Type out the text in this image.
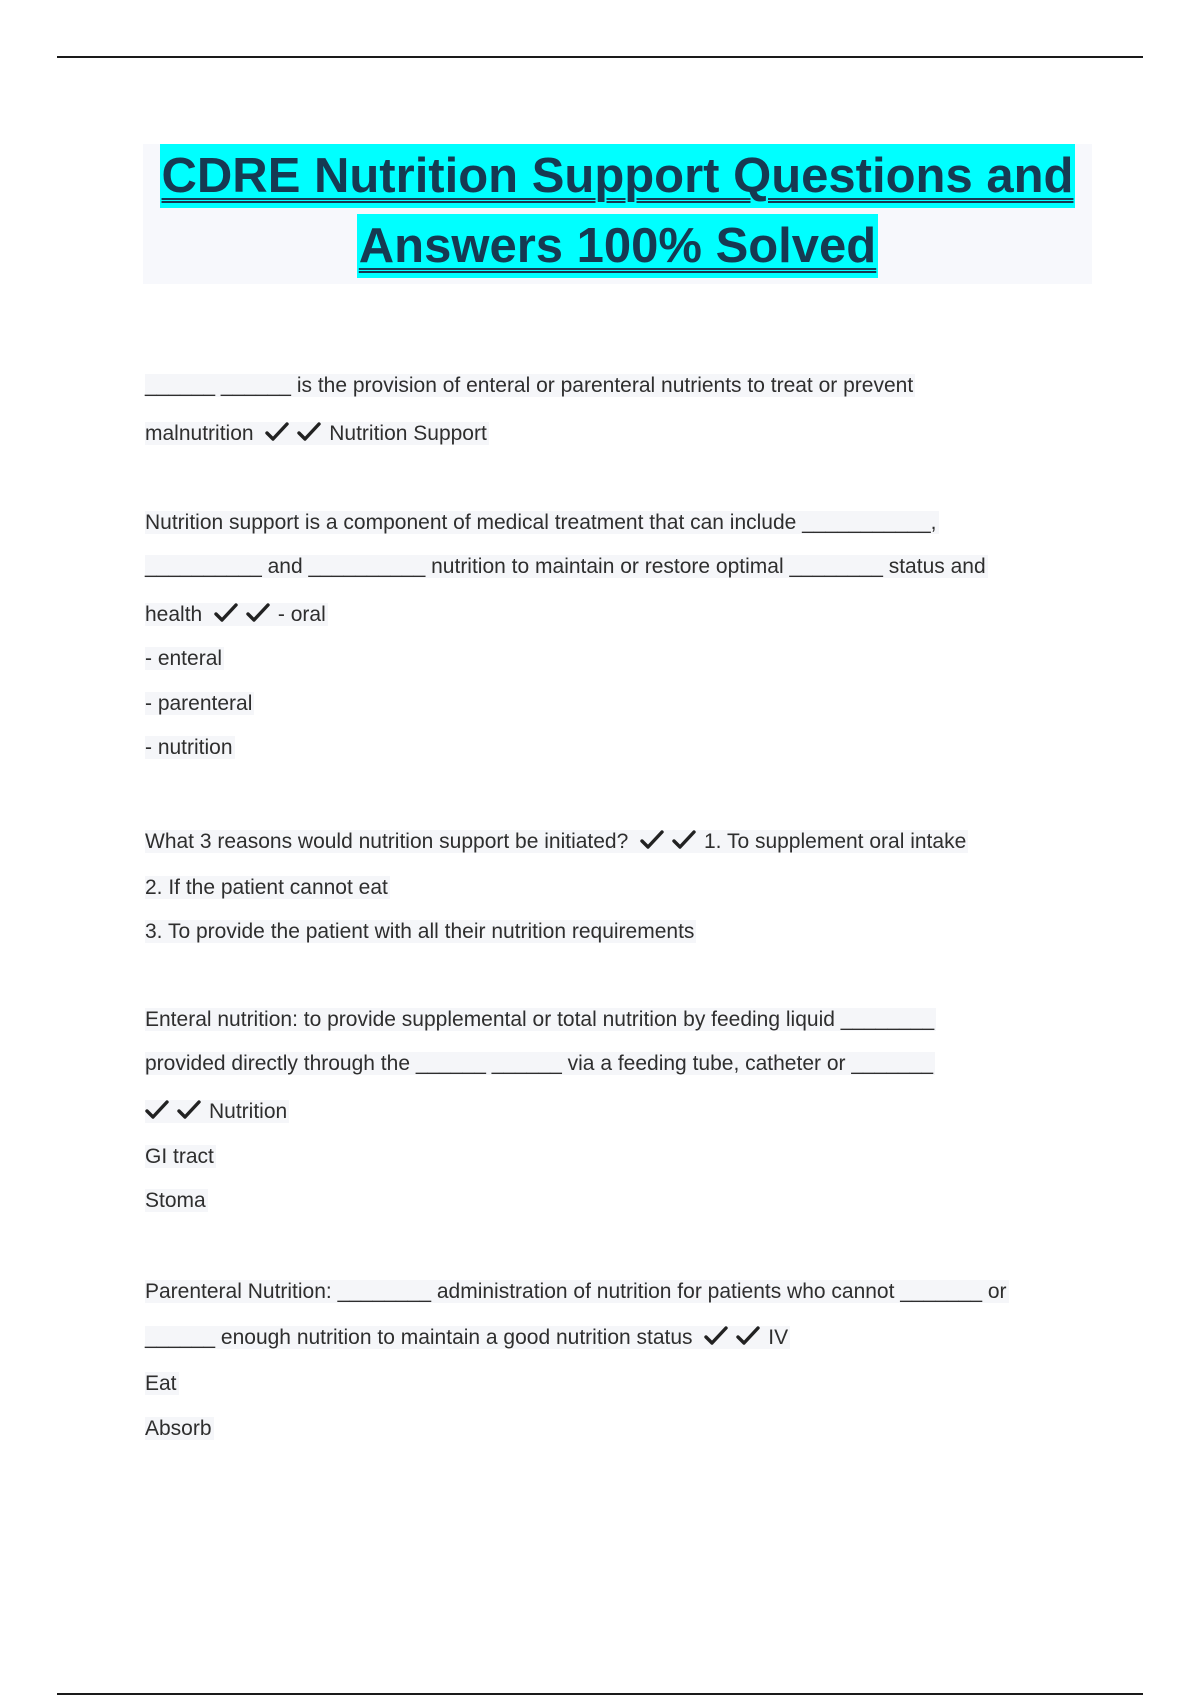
CDRE Nutrition Support Questions and
Answers 100% Solved
______ ______ is the provision of enteral or parenteral nutrients to treat or prevent
malnutrition	Nutrition Support
Nutrition support is a component of medical treatment that can include ___________,
__________ and __________ nutrition to maintain or restore optimal ________ status and
health	- oral
- enteral
- parenteral
- nutrition
What 3 reasons would nutrition support be initiated?	1. To supplement oral intake
2. If the patient cannot eat
3. To provide the patient with all their nutrition requirements
Enteral nutrition: to provide supplemental or total nutrition by feeding liquid ________
provided directly through the ______ ______ via a feeding tube, catheter or _______
Nutrition
GI tract
Stoma
Parenteral Nutrition: ________ administration of nutrition for patients who cannot _______ or
______ enough nutrition to maintain a good nutrition status	IV
Eat
Absorb
